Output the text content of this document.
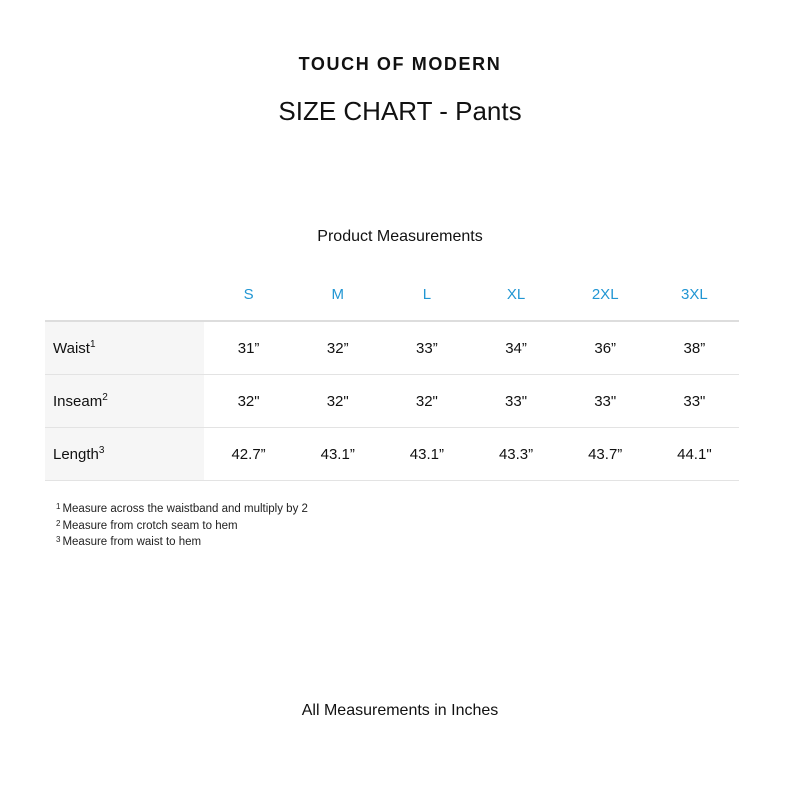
TOUCH OF MODERN
SIZE CHART - Pants
Product Measurements
	S	M	L	XL	2XL	3XL
Waist$^1$	31”	32”	33”	34”	36”	38”
Inseam$^2$	32"	32"	32"	33"	33"	33"
Length$^3$	42.7”	43.1”	43.1”	43.3”	43.7”	44.1"
$^1$ Measure across the waistband and multiply by 2
$^2$ Measure from crotch seam to hem
$^3$ Measure from waist to hem
All Measurements in Inches
